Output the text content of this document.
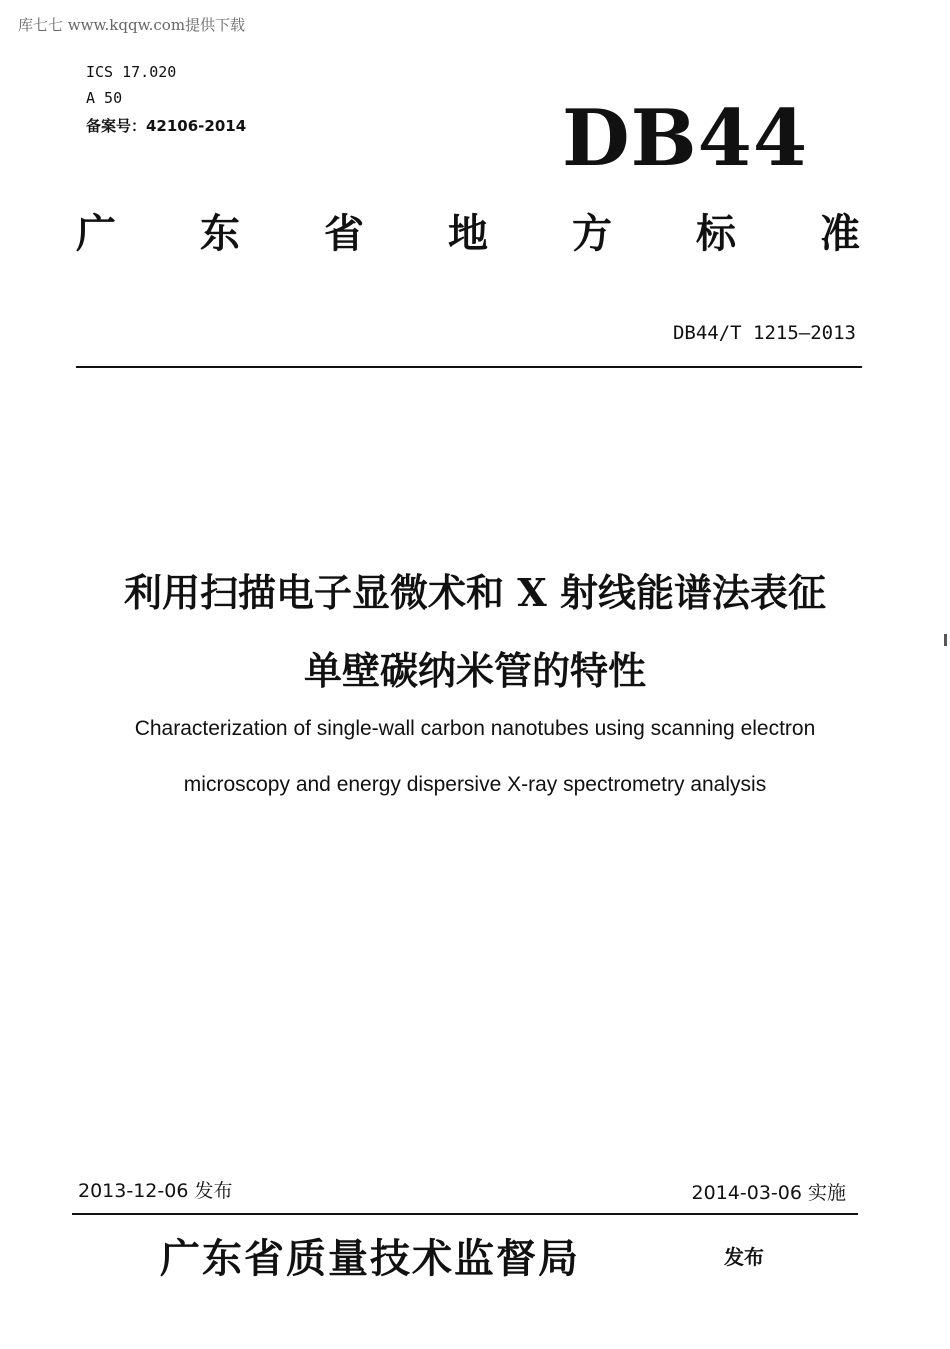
库七七 www.kqqw.com提供下载
ICS 17.020
A 50
备案号：42106-2014	DB44
广 东 省 地 方 标 准
DB44/T 1215—2013
利用扫描电子显微术和 X 射线能谱法表征
单壁碳纳米管的特性
Characterization of single-wall carbon nanotubes using scanning electron
microscopy and energy dispersive X-ray spectrometry analysis
2013-12-06 发布	2014-03-06 实施
广东省质量技术监督局	发布
